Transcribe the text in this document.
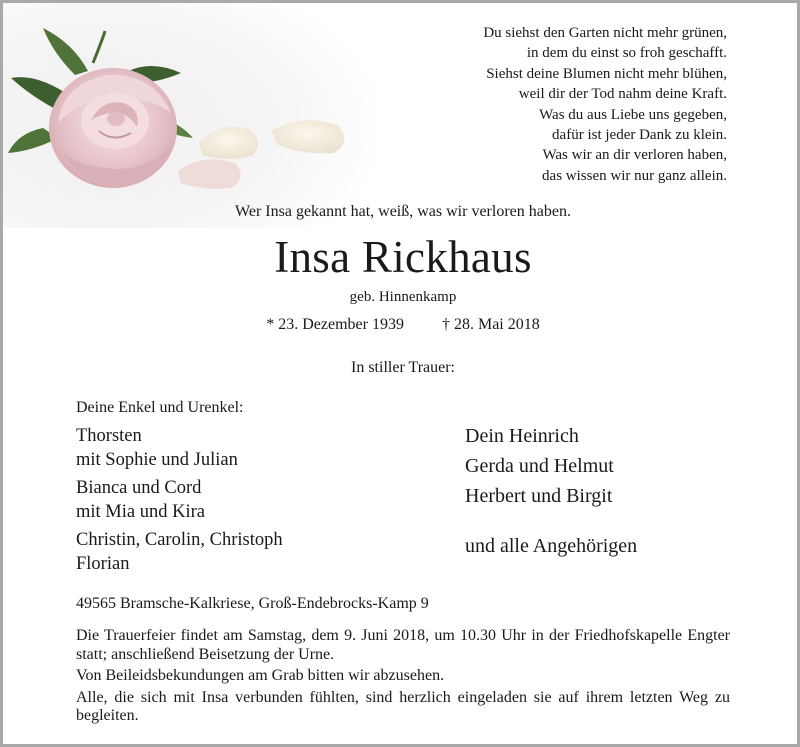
Du siehst den Garten nicht mehr grünen,
in dem du einst so froh geschafft.
Siehst deine Blumen nicht mehr blühen,
weil dir der Tod nahm deine Kraft.
Was du aus Liebe uns gegeben,
dafür ist jeder Dank zu klein.
Was wir an dir verloren haben,
das wissen wir nur ganz allein.
Wer Insa gekannt hat, weiß, was wir verloren haben.
Insa Rickhaus
geb. Hinnenkamp
* 23. Dezember 1939 † 28. Mai 2018
In stiller Trauer:
Deine Enkel und Urenkel:
Thorsten
mit Sophie und Julian
Bianca und Cord
mit Mia und Kira
Christin, Carolin, Christoph
Florian
Dein Heinrich
Gerda und Helmut
Herbert und Birgit
und alle Angehörigen
49565 Bramsche-Kalkriese, Groß-Endebrocks-Kamp 9

Die Trauerfeier findet am Samstag, dem 9. Juni 2018, um 10.30 Uhr in der Friedhofskapelle Engter statt; anschließend Beisetzung der Urne.

Von Beileidsbekundungen am Grab bitten wir abzusehen.

Alle, die sich mit Insa verbunden fühlten, sind herzlich eingeladen sie auf ihrem letzten Weg zu begleiten.
